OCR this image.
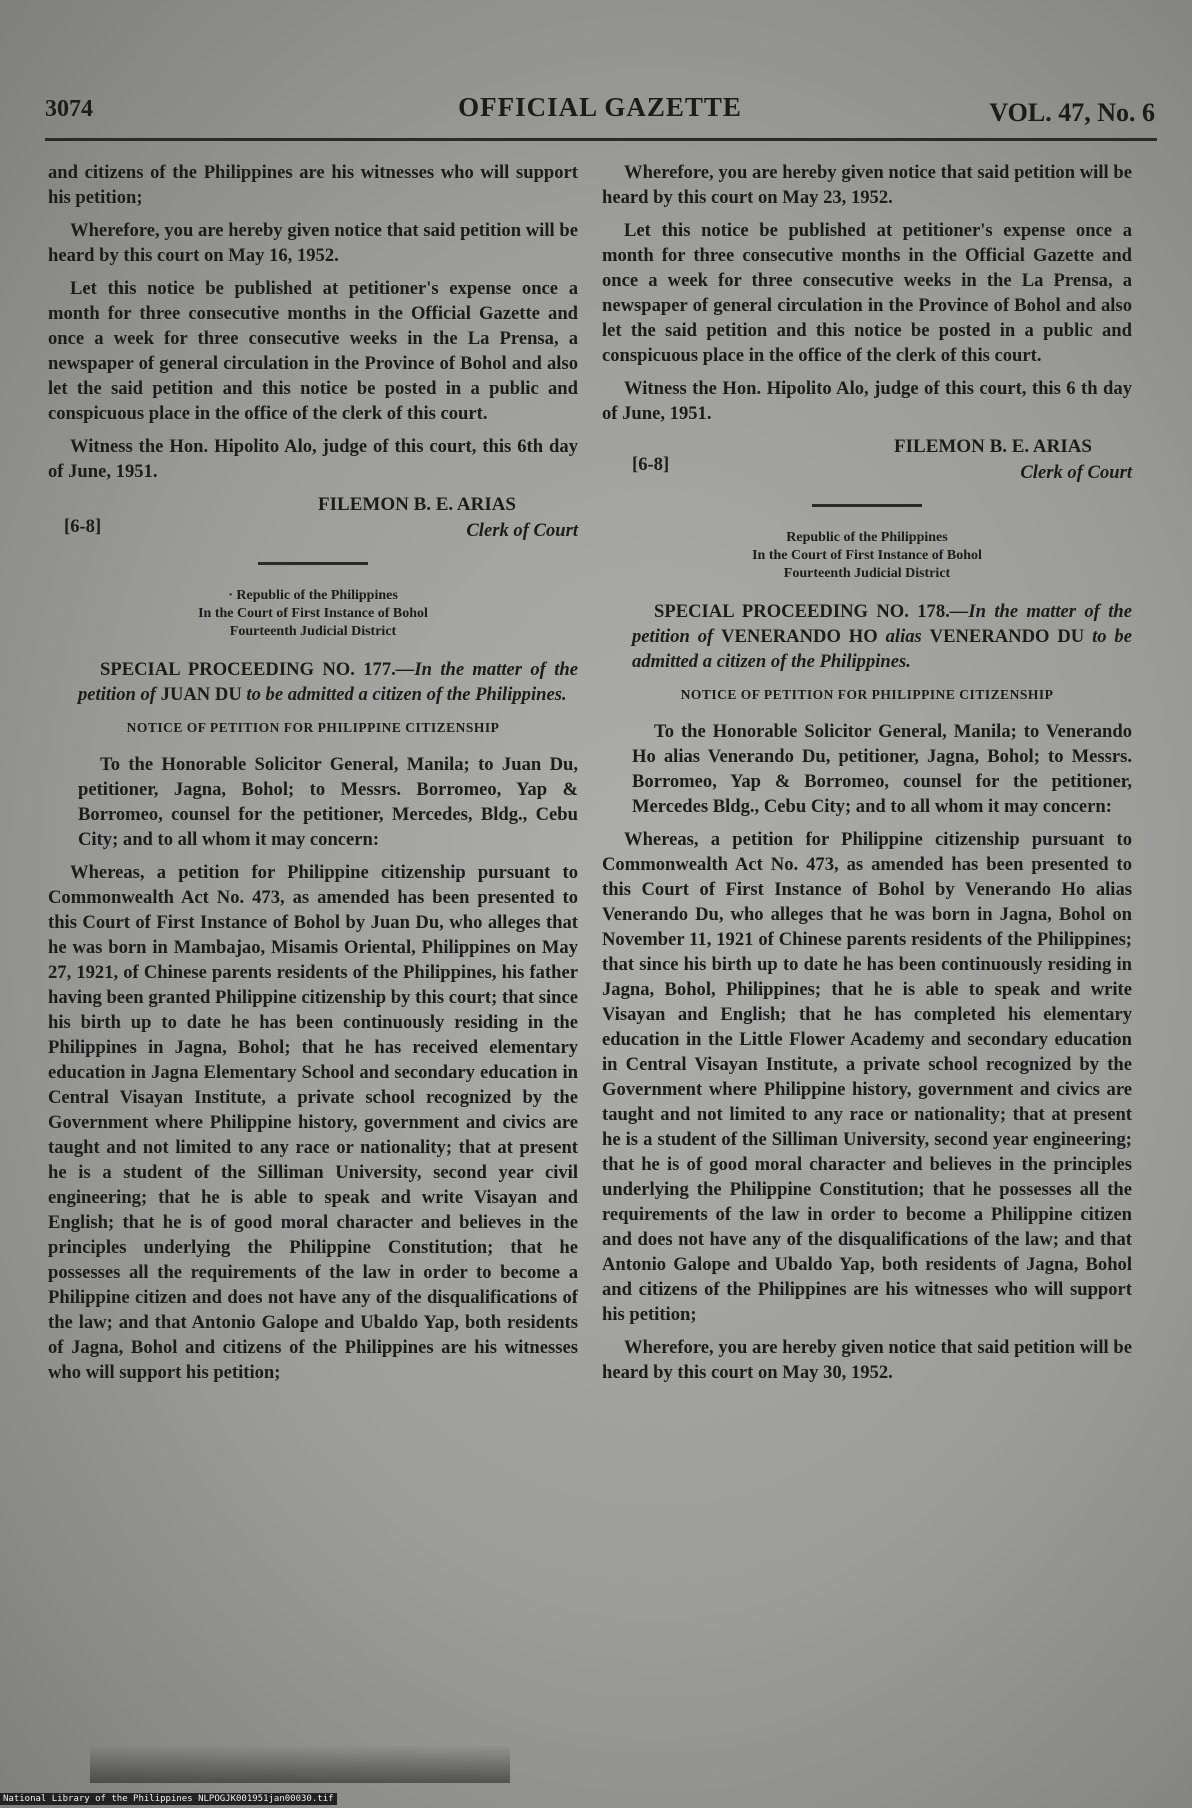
3074	OFFICIAL GAZETTE	VOL. 47, No. 6

and citizens of the Philippines are his witnesses who will support his petition;

Wherefore, you are hereby given notice that said petition will be heard by this court on May 16, 1952.

Let this notice be published at petitioner's expense once a month for three consecutive months in the Official Gazette and once a week for three consecutive weeks in the La Prensa, a newspaper of general circulation in the Province of Bohol and also let the said petition and this notice be posted in a public and conspicuous place in the office of the clerk of this court.

Witness the Hon. Hipolito Alo, judge of this court, this 6th day of June, 1951.

FILEMON B. E. ARIAS
Clerk of Court
[6-8]
· Republic of the Philippines
In the Court of First Instance of Bohol
Fourteenth Judicial District

SPECIAL PROCEEDING NO. 177.—In the matter of the petition of JUAN DU to be admitted a citizen of the Philippines.

NOTICE OF PETITION FOR PHILIPPINE CITIZENSHIP

To the Honorable Solicitor General, Manila; to Juan Du, petitioner, Jagna, Bohol; to Messrs. Borromeo, Yap & Borromeo, counsel for the petitioner, Mercedes, Bldg., Cebu City; and to all whom it may concern:

Whereas, a petition for Philippine citizenship pursuant to Commonwealth Act No. 473, as amended has been presented to this Court of First Instance of Bohol by Juan Du, who alleges that he was born in Mambajao, Misamis Oriental, Philippines on May 27, 1921, of Chinese parents residents of the Philippines, his father having been granted Philippine citizenship by this court; that since his birth up to date he has been continuously residing in the Philippines in Jagna, Bohol; that he has received elementary education in Jagna Elementary School and secondary education in Central Visayan Institute, a private school recognized by the Government where Philippine history, government and civics are taught and not limited to any race or nationality; that at present he is a student of the Silliman University, second year civil engineering; that he is able to speak and write Visayan and English; that he is of good moral character and believes in the principles underlying the Philippine Constitution; that he possesses all the requirements of the law in order to become a Philippine citizen and does not have any of the disqualifications of the law; and that Antonio Galope and Ubaldo Yap, both residents of Jagna, Bohol and citizens of the Philippines are his witnesses who will support his petition;

Wherefore, you are hereby given notice that said petition will be heard by this court on May 23, 1952.

Let this notice be published at petitioner's expense once a month for three consecutive months in the Official Gazette and once a week for three consecutive weeks in the La Prensa, a newspaper of general circulation in the Province of Bohol and also let the said petition and this notice be posted in a public and conspicuous place in the office of the clerk of this court.

Witness the Hon. Hipolito Alo, judge of this court, this 6 th day of June, 1951.

FILEMON B. E. ARIAS
Clerk of Court
[6-8]
Republic of the Philippines
In the Court of First Instance of Bohol
Fourteenth Judicial District

SPECIAL PROCEEDING NO. 178.—In the matter of the petition of VENERANDO HO alias VENERANDO DU to be admitted a citizen of the Philippines.

NOTICE OF PETITION FOR PHILIPPINE CITIZENSHIP

To the Honorable Solicitor General, Manila; to Venerando Ho alias Venerando Du, petitioner, Jagna, Bohol; to Messrs. Borromeo, Yap & Borromeo, counsel for the petitioner, Mercedes Bldg., Cebu City; and to all whom it may concern:

Whereas, a petition for Philippine citizenship pursuant to Commonwealth Act No. 473, as amended has been presented to this Court of First Instance of Bohol by Venerando Ho alias Venerando Du, who alleges that he was born in Jagna, Bohol on November 11, 1921 of Chinese parents residents of the Philippines; that since his birth up to date he has been continuously residing in Jagna, Bohol, Philippines; that he is able to speak and write Visayan and English; that he has completed his elementary education in the Little Flower Academy and secondary education in Central Visayan Institute, a private school recognized by the Government where Philippine history, government and civics are taught and not limited to any race or nationality; that at present he is a student of the Silliman University, second year engineering; that he is of good moral character and believes in the principles underlying the Philippine Constitution; that he possesses all the requirements of the law in order to become a Philippine citizen and does not have any of the disqualifications of the law; and that Antonio Galope and Ubaldo Yap, both residents of Jagna, Bohol and citizens of the Philippines are his witnesses who will support his petition;

Wherefore, you are hereby given notice that said petition will be heard by this court on May 30, 1952.

National Library of the Philippines NLPOGJK001951jan00030.tif
